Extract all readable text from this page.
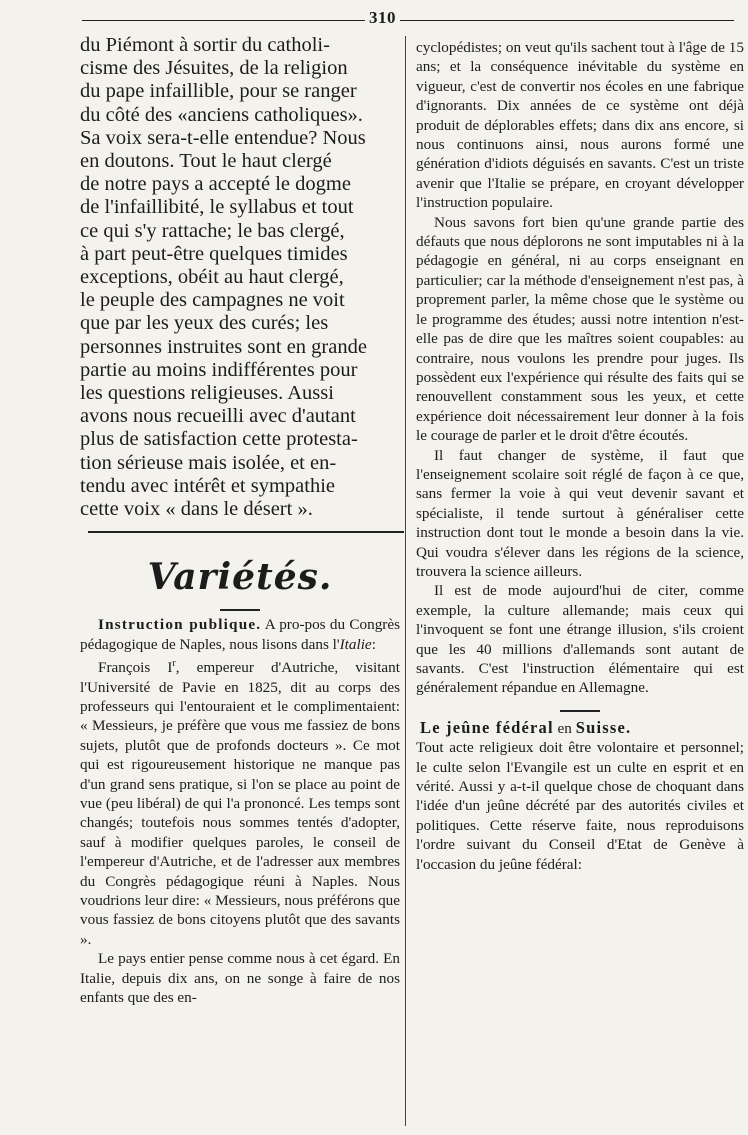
310

du Piémont à sortir du catholi-

cisme des Jésuites, de la religion

du pape infaillible, pour se ranger

du côté des «anciens catholiques».

Sa voix sera-t-elle entendue? Nous

en doutons. Tout le haut clergé

de notre pays a accepté le dogme

de l'infaillibité, le syllabus et tout

ce qui s'y rattache; le bas clergé,

à part peut-être quelques timides

exceptions, obéit au haut clergé,

le peuple des campagnes ne voit

que par les yeux des curés; les

personnes instruites sont en grande

partie au moins indifférentes pour

les questions religieuses. Aussi

avons nous recueilli avec d'autant

plus de satisfaction cette protesta-

tion sérieuse mais isolée, et en-

tendu avec intérêt et sympathie

cette voix « dans le désert ».

Variétés.

Instruction publique. A pro-pos du Congrès pédagogique de Naples, nous lisons dans l'Italie:

François $I^r$, empereur d'Autriche, visitant l'Université de Pavie en 1825, dit au corps des professeurs qui l'entouraient et le complimentaient: « Messieurs, je préfère que vous me fassiez de bons sujets, plutôt que de profonds docteurs ». Ce mot qui est rigoureusement historique ne manque pas d'un grand sens pratique, si l'on se place au point de vue (peu libéral) de qui l'a prononcé. Les temps sont changés; toutefois nous sommes tentés d'adopter, sauf à modifier quelques paroles, le conseil de l'empereur d'Autriche, et de l'adresser aux membres du Congrès pédagogique réuni à Naples. Nous voudrions leur dire: « Messieurs, nous préférons que vous fassiez de bons citoyens plutôt que des savants ».

Le pays entier pense comme nous à cet égard. En Italie, depuis dix ans, on ne songe à faire de nos enfants que des en-

cyclopédistes; on veut qu'ils sachent tout à l'âge de 15 ans; et la conséquence inévitable du système en vigueur, c'est de convertir nos écoles en une fabrique d'ignorants. Dix années de ce système ont déjà produit de déplorables effets; dans dix ans encore, si nous continuons ainsi, nous aurons formé une génération d'idiots déguisés en savants. C'est un triste avenir que l'Italie se prépare, en croyant développer l'instruction populaire.

Nous savons fort bien qu'une grande partie des défauts que nous déplorons ne sont imputables ni à la pédagogie en général, ni au corps enseignant en particulier; car la méthode d'enseignement n'est pas, à proprement parler, la même chose que le système ou le programme des études; aussi notre intention n'est-elle pas de dire que les maîtres soient coupables: au contraire, nous voulons les prendre pour juges. Ils possèdent eux l'expérience qui résulte des faits qui se renouvellent constamment sous les yeux, et cette expérience doit nécessairement leur donner à la fois le courage de parler et le droit d'être écoutés.

Il faut changer de système, il faut que l'enseignement scolaire soit réglé de façon à ce que, sans fermer la voie à qui veut devenir savant et spécialiste, il tende surtout à généraliser cette instruction dont tout le monde a besoin dans la vie. Qui voudra s'élever dans les régions de la science, trouvera la science ailleurs.

Il est de mode aujourd'hui de citer, comme exemple, la culture allemande; mais ceux qui l'invoquent se font une étrange illusion, s'ils croient que les 40 millions d'allemands sont autant de savants. C'est l'instruction élémentaire qui est généralement répandue en Allemagne.

Le jeûne fédéral en Suisse.

Tout acte religieux doit être volontaire et personnel; le culte selon l'Evangile est un culte en esprit et en vérité. Aussi y a-t-il quelque chose de choquant dans l'idée d'un jeûne décrété par des autorités civiles et politiques. Cette réserve faite, nous reproduisons l'ordre suivant du Conseil d'Etat de Genève à l'occasion du jeûne fédéral:
